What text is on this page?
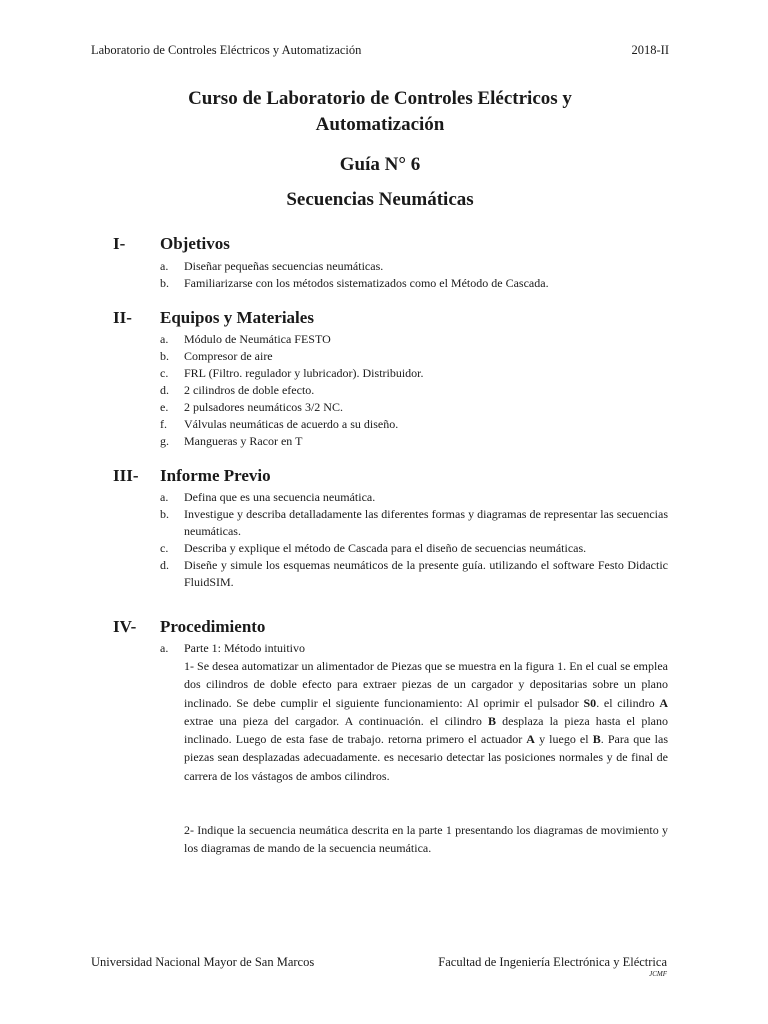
Laboratorio de Controles Eléctricos y Automatización	2018-II
Curso de Laboratorio de Controles Eléctricos y
Automatización
Guía N° 6
Secuencias Neumáticas
I- Objetivos
a. Diseñar pequeñas secuencias neumáticas.
b. Familiarizarse con los métodos sistematizados como el Método de Cascada.
II- Equipos y Materiales
a. Módulo de Neumática FESTO
b. Compresor de aire
c. FRL (Filtro. regulador y lubricador). Distribuidor.
d. 2 cilindros de doble efecto.
e. 2 pulsadores neumáticos 3/2 NC.
f. Válvulas neumáticas de acuerdo a su diseño.
g. Mangueras y Racor en T
III- Informe Previo
a. Defina que es una secuencia neumática.
b. Investigue y describa detalladamente las diferentes formas y diagramas de representar las secuencias neumáticas.
c. Describa y explique el método de Cascada para el diseño de secuencias neumáticas.
d. Diseñe y simule los esquemas neumáticos de la presente guía. utilizando el software Festo Didactic FluidSIM.
IV- Procedimiento
a. Parte 1: Método intuitivo
1- Se desea automatizar un alimentador de Piezas que se muestra en la figura 1. En el cual se emplea dos cilindros de doble efecto para extraer piezas de un cargador y depositarias sobre un plano inclinado. Se debe cumplir el siguiente funcionamiento: Al oprimir el pulsador S0. el cilindro A extrae una pieza del cargador. A continuación. el cilindro B desplaza la pieza hasta el plano inclinado. Luego de esta fase de trabajo. retorna primero el actuador A y luego el B. Para que las piezas sean desplazadas adecuadamente. es necesario detectar las posiciones normales y de final de carrera de los vástagos de ambos cilindros.
2- Indique la secuencia neumática descrita en la parte 1 presentando los diagramas de movimiento y los diagramas de mando de la secuencia neumática.
Universidad Nacional Mayor de San Marcos	Facultad de Ingeniería Electrónica y Eléctrica
JCMF
